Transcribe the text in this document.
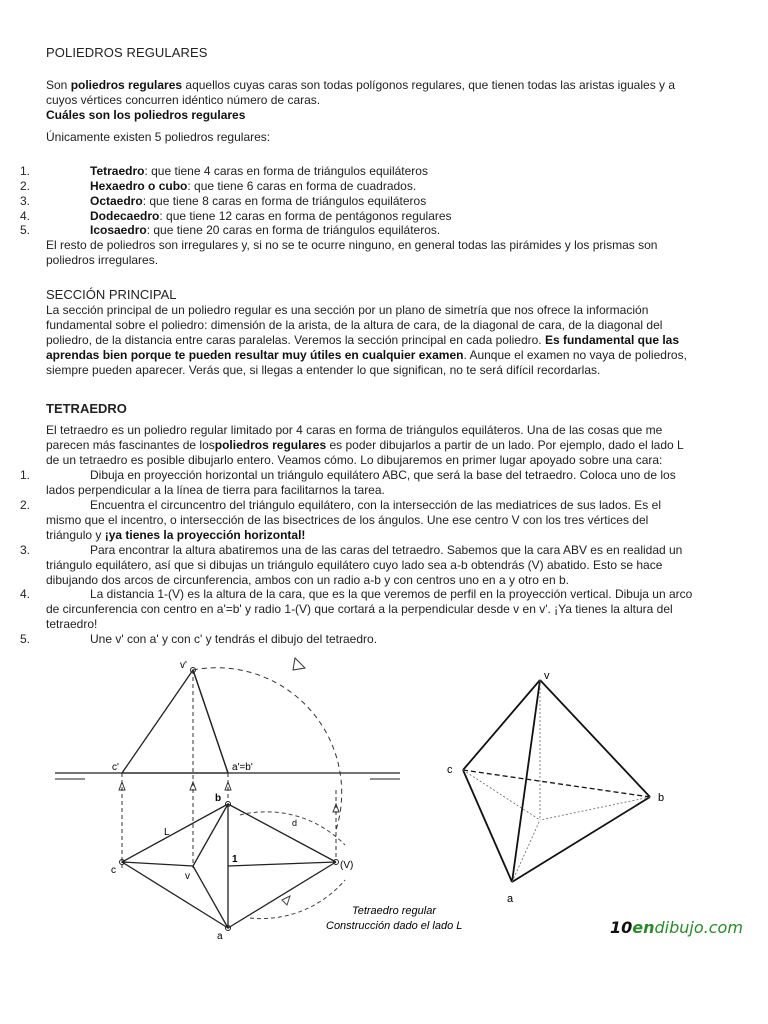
POLIEDROS REGULARES
Son poliedros regulares aquellos cuyas caras son todas polígonos regulares, que tienen todas las aristas iguales y a
cuyos vértices concurren idéntico número de caras.
Cuáles son los poliedros regulares
Únicamente existen 5 poliedros regulares:
1.	Tetraedro: que tiene 4 caras en forma de triángulos equiláteros
2.	Hexaedro o cubo: que tiene 6 caras en forma de cuadrados.
3.	Octaedro: que tiene 8 caras en forma de triángulos equiláteros
4.	Dodecaedro: que tiene 12 caras en forma de pentágonos regulares
5.	Icosaedro: que tiene 20 caras en forma de triángulos equiláteros.
El resto de poliedros son irregulares y, si no se te ocurre ninguno, en general todas las pirámides y los prismas son
poliedros irregulares.
SECCIÓN PRINCIPAL
La sección principal de un poliedro regular es una sección por un plano de simetría que nos ofrece la información
fundamental sobre el poliedro: dimensión de la arista, de la altura de cara, de la diagonal de cara, de la diagonal del
poliedro, de la distancia entre caras paralelas. Veremos la sección principal en cada poliedro. Es fundamental que las
aprendas bien porque te pueden resultar muy útiles en cualquier examen. Aunque el examen no vaya de poliedros,
siempre pueden aparecer. Verás que, si llegas a entender lo que significan, no te será difícil recordarlas.
TETRAEDRO
El tetraedro es un poliedro regular limitado por 4 caras en forma de triángulos equiláteros. Una de las cosas que me
parecen más fascinantes de lospoliedros regulares es poder dibujarlos a partir de un lado. Por ejemplo, dado el lado L
de un tetraedro es posible dibujarlo entero. Veamos cómo. Lo dibujaremos en primer lugar apoyado sobre una cara:
1.	Dibuja en proyección horizontal un triángulo equilátero ABC, que será la base del tetraedro. Coloca uno de los
lados perpendicular a la línea de tierra para facilitarnos la tarea.
2.	Encuentra el circuncentro del triángulo equilátero, con la intersección de las mediatrices de sus lados. Es el
mismo que el incentro, o intersección de las bisectrices de los ángulos. Une ese centro V con los tres vértices del
triángulo y ¡ya tienes la proyección horizontal!
3.	Para encontrar la altura abatiremos una de las caras del tetraedro. Sabemos que la cara ABV es en realidad un
triángulo equilátero, así que si dibujas un triángulo equilátero cuyo lado sea a-b obtendrás (V) abatido. Esto se hace
dibujando dos arcos de circunferencia, ambos con un radio a-b y con centros uno en a y otro en b.
4.	La distancia 1-(V) es la altura de la cara, que es la que veremos de perfil en la proyección vertical. Dibuja un arco
de circunferencia con centro en a'=b' y radio 1-(V) que cortará a la perpendicular desde v en v'. ¡Ya tienes la altura del
tetraedro!
5.	Une v' con a' y con c' y tendrás el dibujo del tetraedro.
v'
c'	a'=b'
b
c
v
a
L
1
(V)
d
Tetraedro regular
Construcción dado el lado L
v
c
b
a
10endibujo.com
